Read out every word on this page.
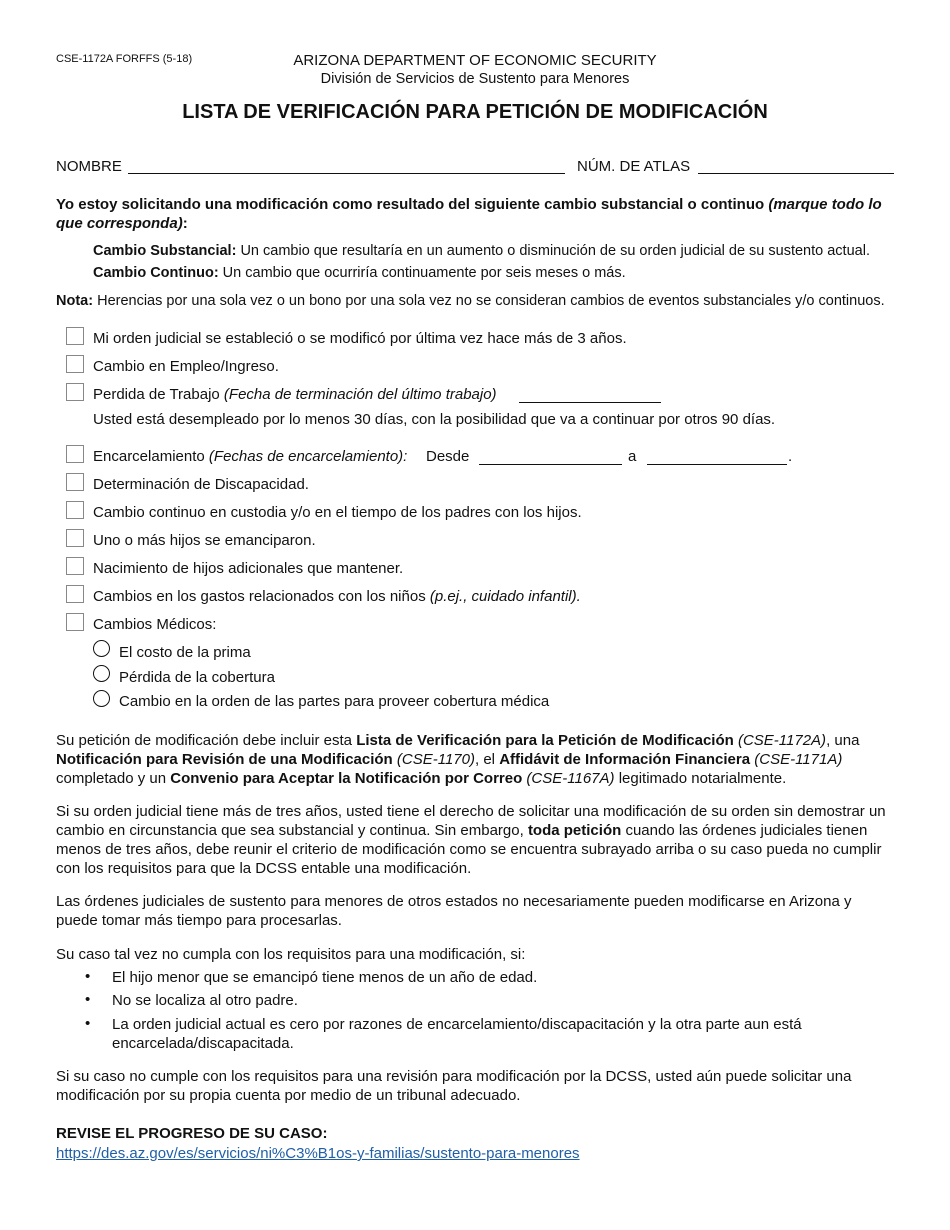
CSE-1172A FORFFS (5-18)	ARIZONA DEPARTMENT OF ECONOMIC SECURITY
División de Servicios de Sustento para Menores
LISTA DE VERIFICACIÓN PARA PETICIÓN DE MODIFICACIÓN
NOMBRE	NÚM. DE ATLAS
Yo estoy solicitando una modificación como resultado del siguiente cambio substancial o continuo (marque todo lo que corresponda):
Cambio Substancial: Un cambio que resultaría en un aumento o disminución de su orden judicial de su sustento actual.
Cambio Continuo: Un cambio que ocurriría continuamente por seis meses o más.
Nota: Herencias por una sola vez o un bono por una sola vez no se consideran cambios de eventos substanciales y/o continuos.
Mi orden judicial se estableció o se modificó por última vez hace más de 3 años.
Cambio en Empleo/Ingreso.
Perdida de Trabajo (Fecha de terminación del último trabajo)
Usted está desempleado por lo menos 30 días, con la posibilidad que va a continuar por otros 90 días.
Encarcelamiento (Fechas de encarcelamiento): Desde	a	.
Determinación de Discapacidad.
Cambio continuo en custodia y/o en el tiempo de los padres con los hijos.
Uno o más hijos se emanciparon.
Nacimiento de hijos adicionales que mantener.
Cambios en los gastos relacionados con los niños (p.ej., cuidado infantil).
Cambios Médicos:
El costo de la prima
Pérdida de la cobertura
Cambio en la orden de las partes para proveer cobertura médica
Su petición de modificación debe incluir esta Lista de Verificación para la Petición de Modificación (CSE-1172A), una Notificación para Revisión de una Modificación (CSE-1170), el Affidávit de Información Financiera (CSE-1171A) completado y un Convenio para Aceptar la Notificación por Correo (CSE-1167A) legitimado notarialmente.
Si su orden judicial tiene más de tres años, usted tiene el derecho de solicitar una modificación de su orden sin demostrar un cambio en circunstancia que sea substancial y continua. Sin embargo, toda petición cuando las órdenes judiciales tienen menos de tres años, debe reunir el criterio de modificación como se encuentra subrayado arriba o su caso pueda no cumplir con los requisitos para que la DCSS entable una modificación.
Las órdenes judiciales de sustento para menores de otros estados no necesariamente pueden modificarse en Arizona y puede tomar más tiempo para procesarlas.
Su caso tal vez no cumpla con los requisitos para una modificación, si:
• El hijo menor que se emancipó tiene menos de un año de edad.
• No se localiza al otro padre.
• La orden judicial actual es cero por razones de encarcelamiento/discapacitación y la otra parte aun está encarcelada/discapacitada.
Si su caso no cumple con los requisitos para una revisión para modificación por la DCSS, usted aún puede solicitar una modificación por su propia cuenta por medio de un tribunal adecuado.
REVISE EL PROGRESO DE SU CASO:
https://des.az.gov/es/servicios/ni%C3%B1os-y-familias/sustento-para-menores
